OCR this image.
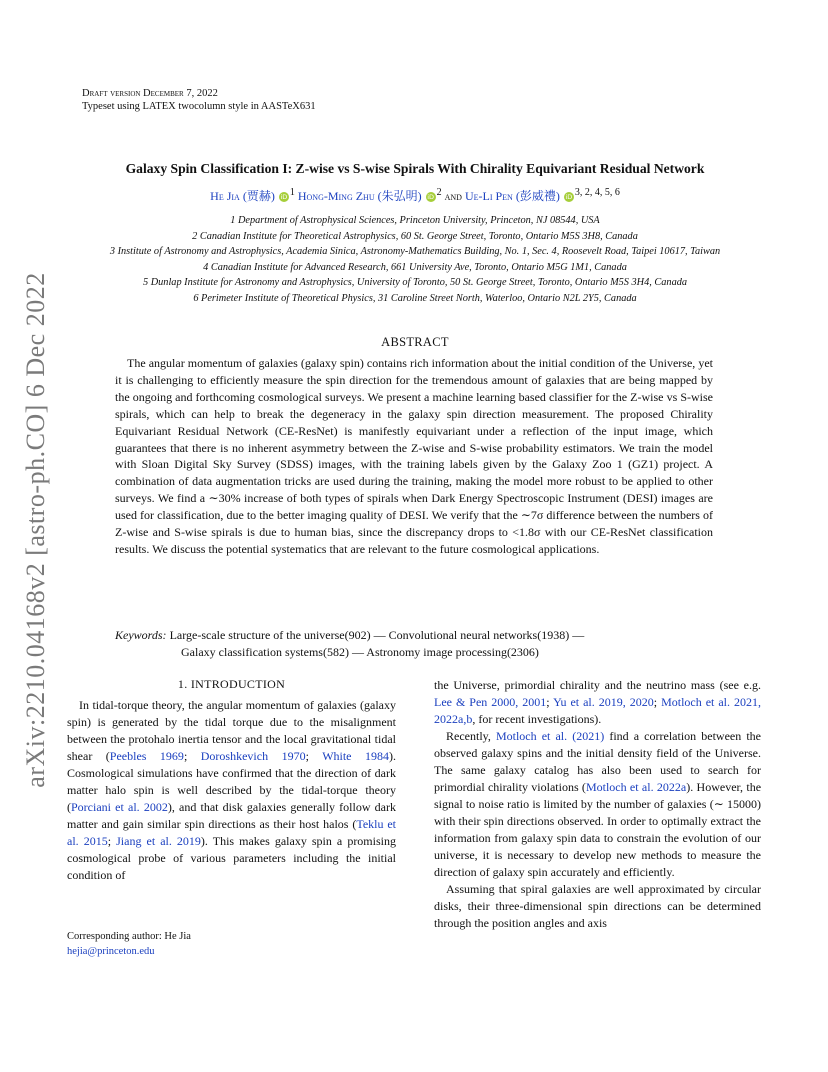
arXiv:2210.04168v2 [astro-ph.CO] 6 Dec 2022
Draft version December 7, 2022
Typeset using LATEX twocolumn style in AASTeX631
Galaxy Spin Classification I: Z-wise vs S-wise Spirals With Chirality Equivariant Residual Network
He Jia (贾赫) iD $^1$ Hong-Ming Zhu (朱弘明) iD $^2$ and Ue-Li Pen (彭威禮) iD $^{3, 2, 4, 5, 6}$
1 Department of Astrophysical Sciences, Princeton University, Princeton, NJ 08544, USA
2 Canadian Institute for Theoretical Astrophysics, 60 St. George Street, Toronto, Ontario M5S 3H8, Canada
3 Institute of Astronomy and Astrophysics, Academia Sinica, Astronomy-Mathematics Building, No. 1, Sec. 4, Roosevelt Road, Taipei 10617, Taiwan
4 Canadian Institute for Advanced Research, 661 University Ave, Toronto, Ontario M5G 1M1, Canada
5 Dunlap Institute for Astronomy and Astrophysics, University of Toronto, 50 St. George Street, Toronto, Ontario M5S 3H4, Canada
6 Perimeter Institute of Theoretical Physics, 31 Caroline Street North, Waterloo, Ontario N2L 2Y5, Canada
ABSTRACT

The angular momentum of galaxies (galaxy spin) contains rich information about the initial condition of the Universe, yet it is challenging to efficiently measure the spin direction for the tremendous amount of galaxies that are being mapped by the ongoing and forthcoming cosmological surveys. We present a machine learning based classifier for the Z-wise vs S-wise spirals, which can help to break the degeneracy in the galaxy spin direction measurement. The proposed Chirality Equivariant Residual Network (CE-ResNet) is manifestly equivariant under a reflection of the input image, which guarantees that there is no inherent asymmetry between the Z-wise and S-wise probability estimators. We train the model with Sloan Digital Sky Survey (SDSS) images, with the training labels given by the Galaxy Zoo 1 (GZ1) project. A combination of data augmentation tricks are used during the training, making the model more robust to be applied to other surveys. We find a ∼30% increase of both types of spirals when Dark Energy Spectroscopic Instrument (DESI) images are used for classification, due to the better imaging quality of DESI. We verify that the ∼7σ difference between the numbers of Z-wise and S-wise spirals is due to human bias, since the discrepancy drops to <1.8σ with our CE-ResNet classification results. We discuss the potential systematics that are relevant to the future cosmological applications.

Keywords: Large-scale structure of the universe(902) — Convolutional neural networks(1938) —
Galaxy classification systems(582) — Astronomy image processing(2306)
1. INTRODUCTION

In tidal-torque theory, the angular momentum of galaxies (galaxy spin) is generated by the tidal torque due to the misalignment between the protohalo inertia tensor and the local gravitational tidal shear (Peebles 1969; Doroshkevich 1970; White 1984). Cosmological simulations have confirmed that the direction of dark matter halo spin is well described by the tidal-torque theory (Porciani et al. 2002), and that disk galaxies generally follow dark matter and gain similar spin directions as their host halos (Teklu et al. 2015; Jiang et al. 2019). This makes galaxy spin a promising cosmological probe of various parameters including the initial condition of

the Universe, primordial chirality and the neutrino mass (see e.g. Lee & Pen 2000, 2001; Yu et al. 2019, 2020; Motloch et al. 2021, 2022a,b, for recent investigations).

Recently, Motloch et al. (2021) find a correlation between the observed galaxy spins and the initial density field of the Universe. The same galaxy catalog has also been used to search for primordial chirality violations (Motloch et al. 2022a). However, the signal to noise ratio is limited by the number of galaxies (∼ 15000) with their spin directions observed. In order to optimally extract the information from galaxy spin data to constrain the evolution of our universe, it is necessary to develop new methods to measure the direction of galaxy spin accurately and efficiently.

Assuming that spiral galaxies are well approximated by circular disks, their three-dimensional spin directions can be determined through the position angles and axis

Corresponding author: He Jia
hejia@princeton.edu
